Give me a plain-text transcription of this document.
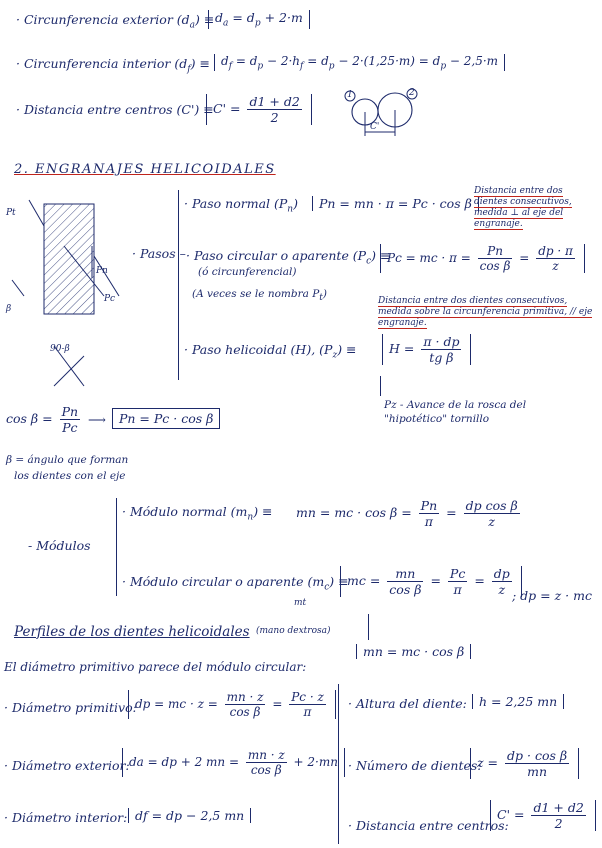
· Circunferencia exterior $(d_a) \equiv d_a = d_p + 2\cdot m$
· Circunferencia interior $(d_f) \equiv d_f = d_p - 2\cdot h_f = d_p - 2\cdot(1,25\cdot m) = d_p - 2,5\cdot m$
· Distancia entre centros $(C') \equiv C' = \frac{d1 + d2}{2}$	1	2
C'
2. ENGRANAJES HELICOIDALES
Pt
β
Pn
Pc
90-β
· Pasos –
· Paso normal $(P_n)$	Pn = mn · π = Pc · cos β
Distancia entre dos dientes consecutivos, medida ⊥ al eje del engranaje.
· Paso circular o aparente $(P_c)$ ≡
(ó circunferencial)
(A veces se le nombra $P_t$)
Pc = mc · $\pi = \frac{Pn}{\text{cos β}} = \frac{dp \cdot \pi}{z}$
Distancia entre dos dientes consecutivos, medida sobre la circunferencia primitiva, // eje engranaje.
· Paso helicoidal (H), $(P_z)$ ≡	$H = \frac{\pi \cdot dp}{\text{tg β}}$
Pz - Avance de la rosca del "hipotético" tornillo
$\cos \beta = \frac{Pn}{Pc}$ ⟶	Pn = Pc · cos β
β = ángulo que forman
los dientes con el eje
- Módulos
· Módulo normal $(m_n)$ ≡ mn = mc · $\cos \beta = \frac{Pn}{\pi} = \frac{\text{dp cos β}}{z}$
· Módulo circular o aparente $(m_c)$ ≡
mc = $\frac{mn}{\text{cos β}} = \frac{Pc}{\pi} = \frac{dp}{z}$ ; dp = z · mc
mt
(mano dextrosa)
Perfiles de los dientes helicoidales
mn = mc · cos β
El diámetro primitivo parece del módulo circular:
· Diámetro primitivo:
dp = mc · $z = \frac{mn \cdot z}{\text{cos β}} = \frac{Pc \cdot z}{\pi}$
· Diámetro exterior: da = dp + 2 mn = $\frac{mn \cdot z}{\text{cos β}} + 2\cdot mn$
· Diámetro interior: df = dp − 2,5 mn
· Altura del diente: h = 2,25 mn
· Número de dientes:
$z = \frac{\text{dp · cos β}}{mn}$
· Distancia entre centros:
$C' = \frac{d1 + d2}{2}$
